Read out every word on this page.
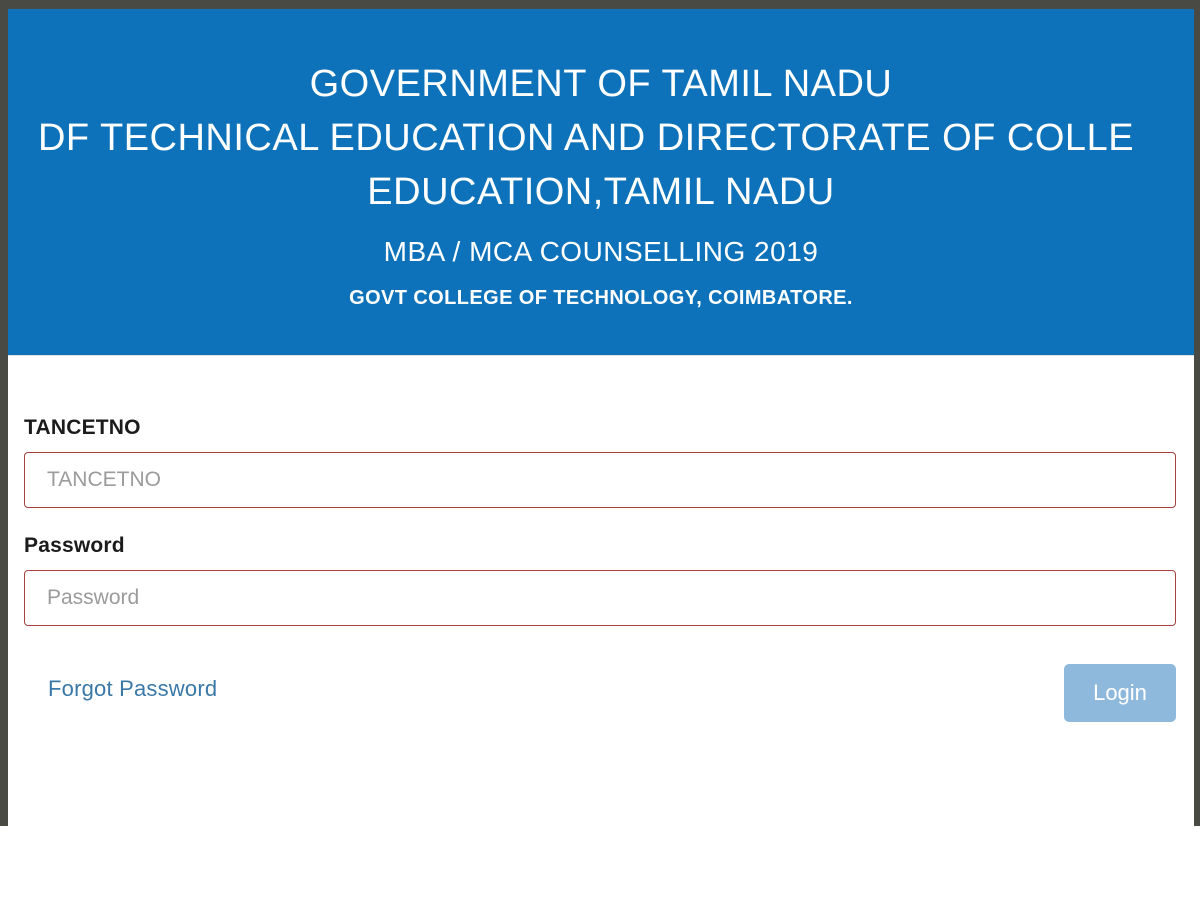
GOVERNMENT OF TAMIL NADU
DF TECHNICAL EDUCATION AND DIRECTORATE OF COLLE
EDUCATION,TAMIL NADU
MBA / MCA COUNSELLING 2019
GOVT COLLEGE OF TECHNOLOGY, COIMBATORE.
TANCETNO
TANCETNO
Password
Forgot Password	Login
